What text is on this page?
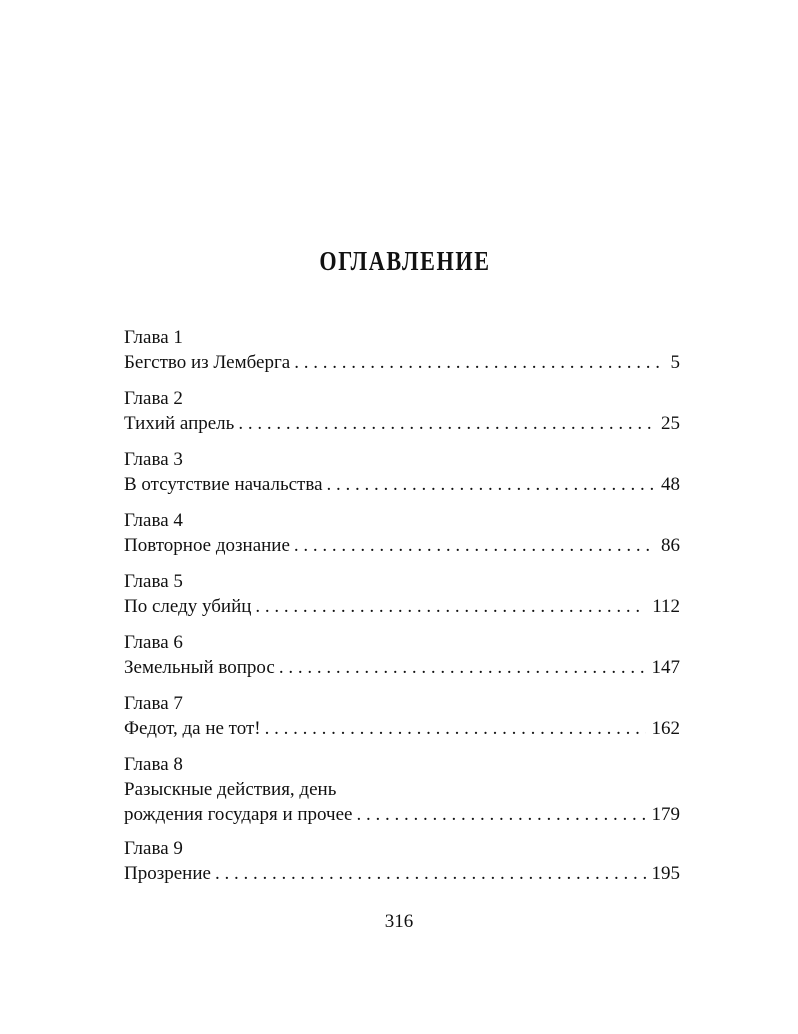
ОГЛАВЛЕНИЕ
Глава 1
Бегство из Лемберга . . .	5
Глава 2
Тихий апрель . . .	25
Глава 3
В отсутствие начальства . . .	48
Глава 4
Повторное дознание . . .	86
Глава 5
По следу убийц . . .	112
Глава 6
Земельный вопрос . . .	147
Глава 7
Федот, да не тот! . . .	162
Глава 8
Разыскные действия, день
рождения государя и прочее . . .	179
Глава 9
Прозрение . . .	195

316
